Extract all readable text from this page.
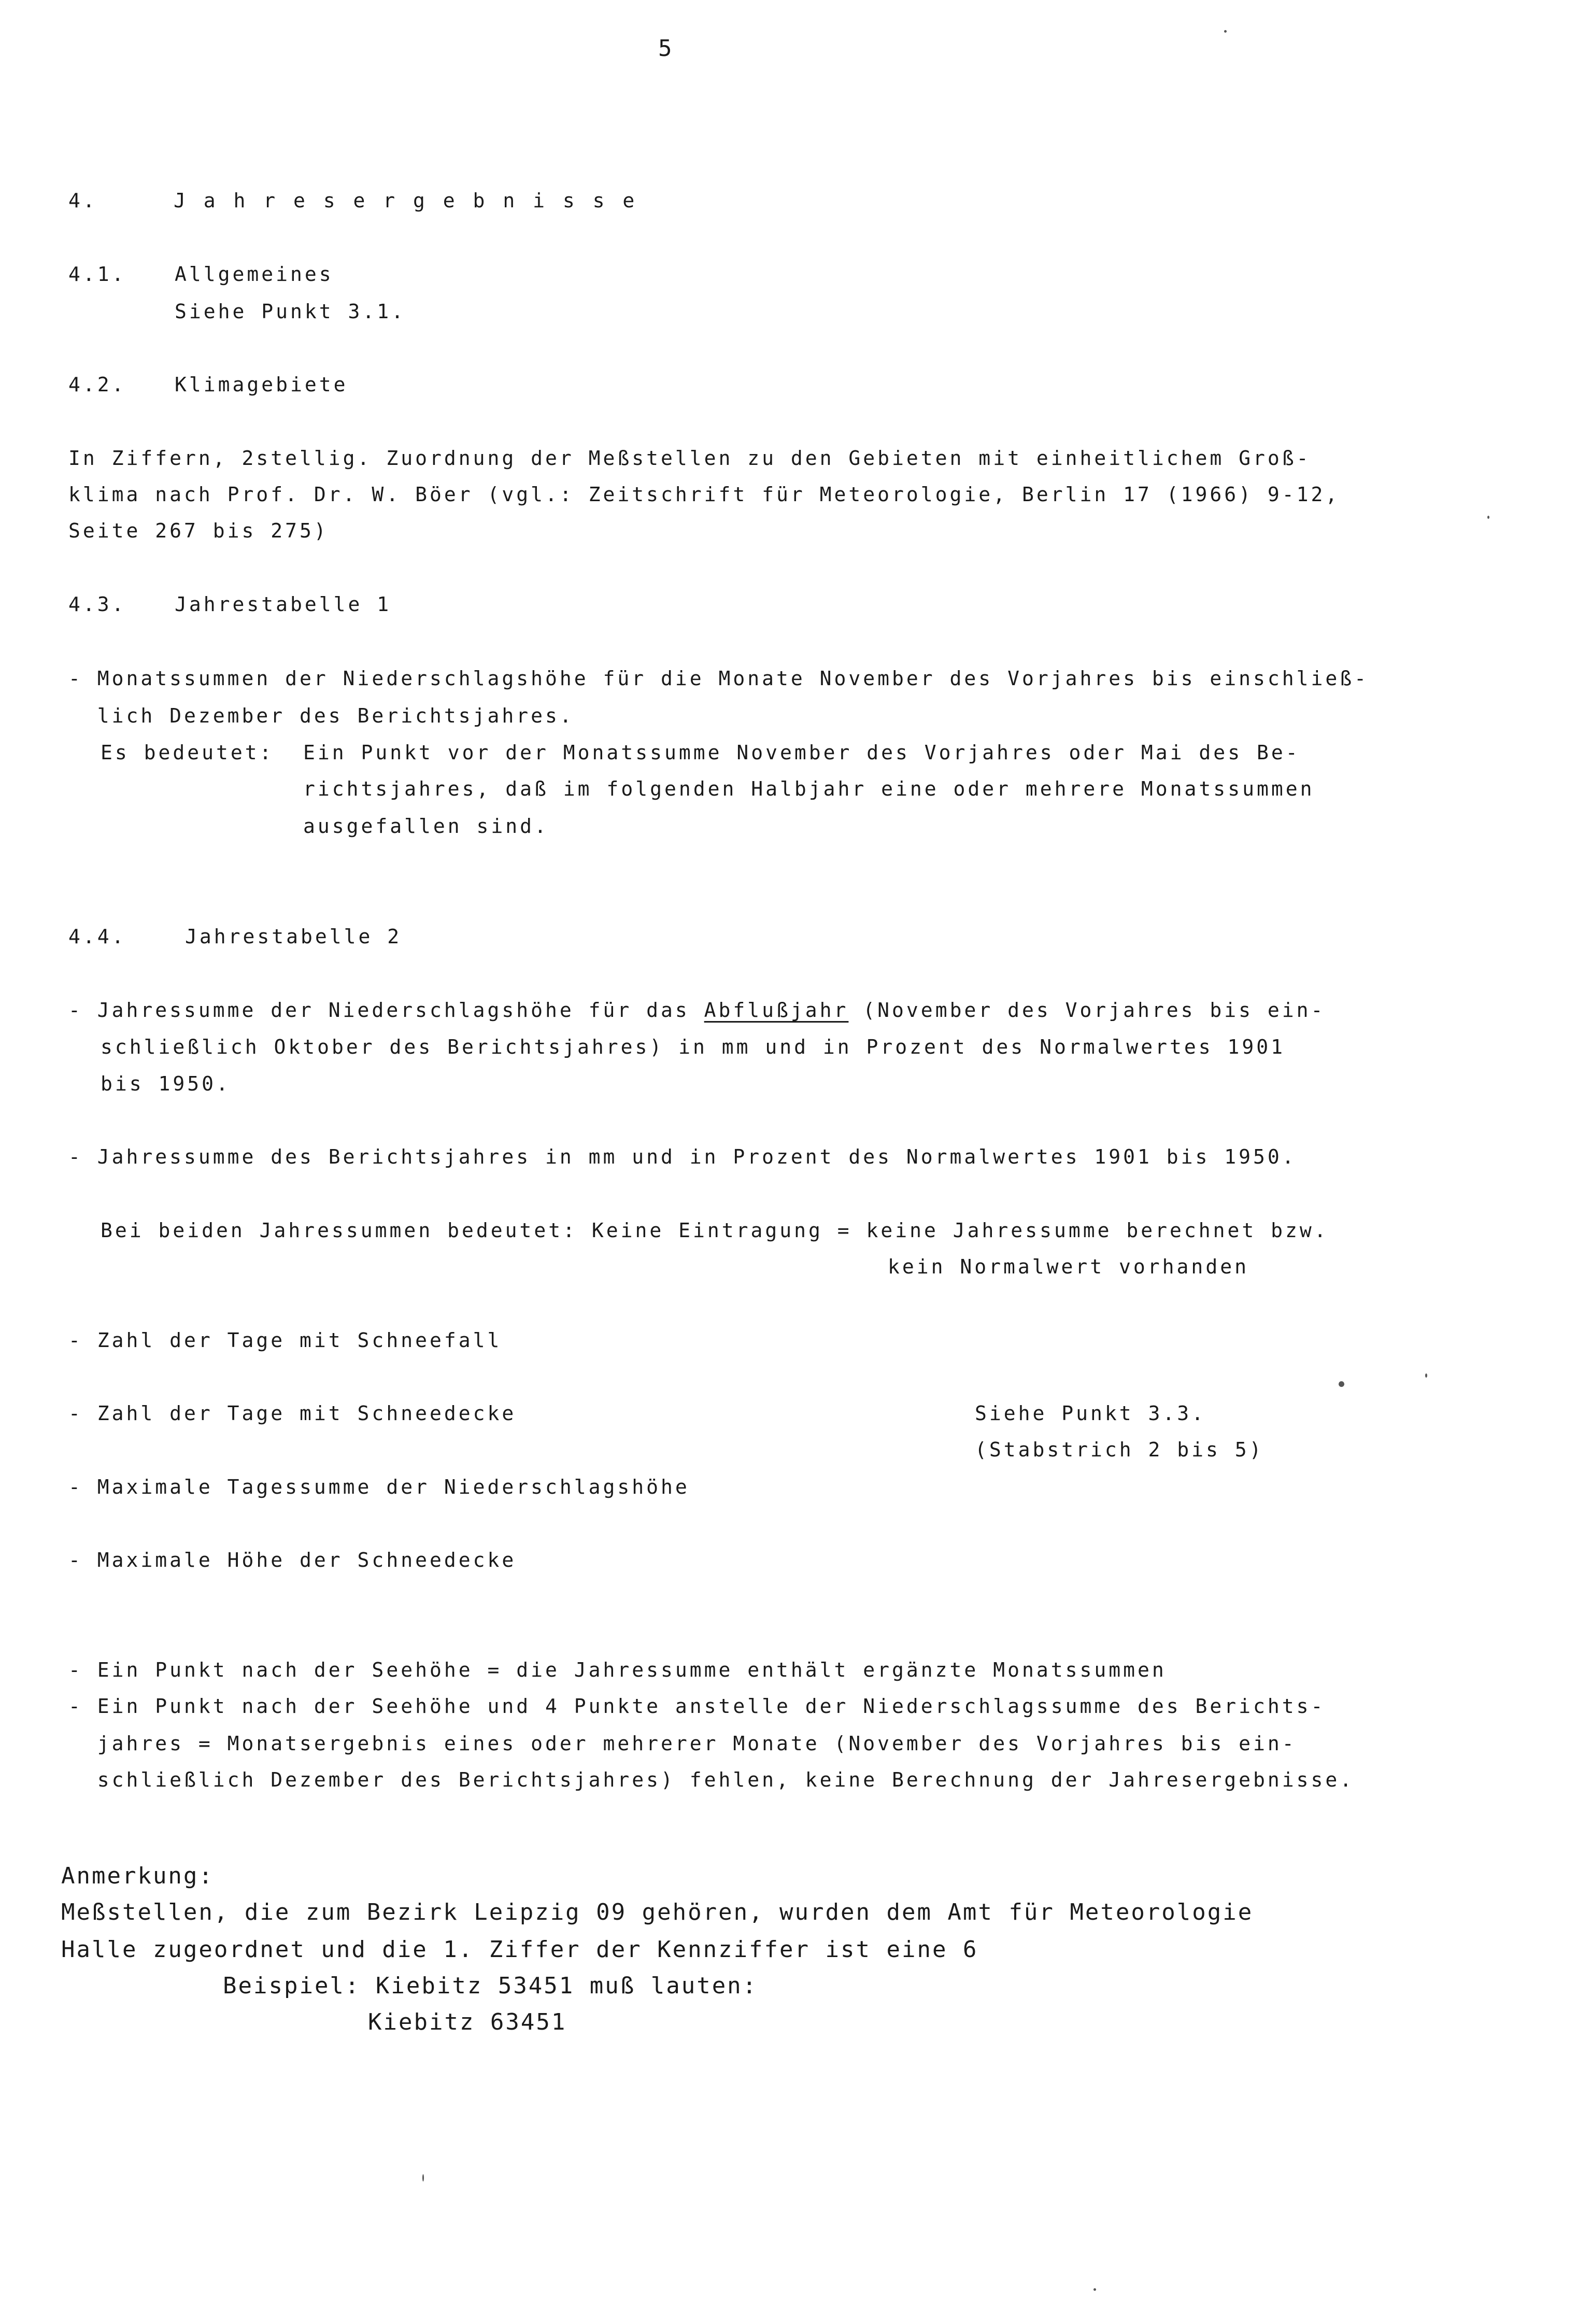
5
4.	J a h r e s e r g e b n i s s e
4.1. Allgemeines
Siehe Punkt 3.1.
4.2. Klimagebiete
In Ziffern, 2stellig. Zuordnung der Meßstellen zu den Gebieten mit einheitlichem Groß-
klima nach Prof. Dr. W. Böer (vgl.: Zeitschrift für Meteorologie, Berlin 17 (1966) 9-12,
Seite 267 bis 275)
4.3. Jahrestabelle 1
- Monatssummen der Niederschlagshöhe für die Monate November des Vorjahres bis einschließ-
lich Dezember des Berichtsjahres.
Es bedeutet: Ein Punkt vor der Monatssumme November des Vorjahres oder Mai des Be-
richtsjahres, daß im folgenden Halbjahr eine oder mehrere Monatssummen
ausgefallen sind.
4.4.	Jahrestabelle 2
- Jahressumme der Niederschlagshöhe für das Abflußjahr (November des Vorjahres bis ein-
schließlich Oktober des Berichtsjahres) in mm und in Prozent des Normalwertes 1901
bis 1950.
- Jahressumme des Berichtsjahres in mm und in Prozent des Normalwertes 1901 bis 1950.
Bei beiden Jahressummen bedeutet: Keine Eintragung = keine Jahressumme berechnet bzw.
kein Normalwert vorhanden
- Zahl der Tage mit Schneefall
- Zahl der Tage mit Schneedecke	Siehe Punkt 3.3.
(Stabstrich 2 bis 5)
- Maximale Tagessumme der Niederschlagshöhe
- Maximale Höhe der Schneedecke
- Ein Punkt nach der Seehöhe = die Jahressumme enthält ergänzte Monatssummen
- Ein Punkt nach der Seehöhe und 4 Punkte anstelle der Niederschlagssumme des Berichts-
jahres = Monatsergebnis eines oder mehrerer Monate (November des Vorjahres bis ein-
schließlich Dezember des Berichtsjahres) fehlen, keine Berechnung der Jahresergebnisse.
Anmerkung:
Meßstellen, die zum Bezirk Leipzig 09 gehören, wurden dem Amt für Meteorologie
Halle zugeordnet und die 1. Ziffer der Kennziffer ist eine 6
Beispiel: Kiebitz 53451 muß lauten:
Kiebitz 63451
